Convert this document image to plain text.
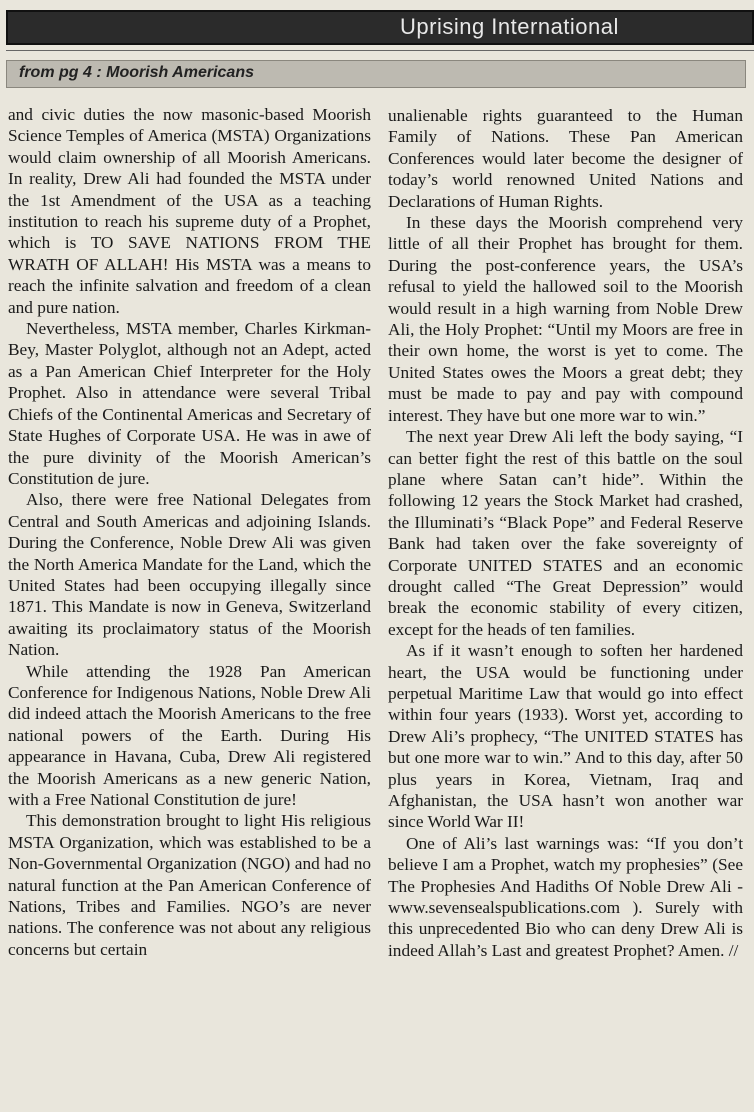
Uprising International
from pg 4 : Moorish Americans

and civic duties the now masonic-based Moorish Science Temples of America (MSTA) Organizations would claim ownership of all Moorish Americans. In reality, Drew Ali had founded the MSTA under the 1st Amendment of the USA as a teaching institution to reach his supreme duty of a Prophet, which is TO SAVE NATIONS FROM THE WRATH OF ALLAH! His MSTA was a means to reach the infinite salvation and freedom of a clean and pure nation.

Nevertheless, MSTA member, Charles Kirkman-Bey, Master Polyglot, although not an Adept, acted as a Pan American Chief Interpreter for the Holy Prophet. Also in attendance were several Tribal Chiefs of the Continental Americas and Secretary of State Hughes of Corporate USA. He was in awe of the pure divinity of the Moorish American’s Constitution de jure.

Also, there were free National Delegates from Central and South Americas and adjoining Islands. During the Conference, Noble Drew Ali was given the North America Mandate for the Land, which the United States had been occupying illegally since 1871. This Mandate is now in Geneva, Switzerland awaiting its proclaimatory status of the Moorish Nation.

While attending the 1928 Pan American Conference for Indigenous Nations, Noble Drew Ali did indeed attach the Moorish Americans to the free national powers of the Earth. During His appearance in Havana, Cuba, Drew Ali registered the Moorish Americans as a new generic Nation, with a Free National Constitution de jure!

This demonstration brought to light His religious MSTA Organization, which was established to be a Non-Governmental Organization (NGO) and had no natural function at the Pan American Conference of Nations, Tribes and Families. NGO’s are never nations. The conference was not about any religious concerns but certain

unalienable rights guaranteed to the Human Family of Nations. These Pan American Conferences would later become the designer of today’s world renowned United Nations and Declarations of Human Rights.

In these days the Moorish comprehend very little of all their Prophet has brought for them. During the post-conference years, the USA’s refusal to yield the hallowed soil to the Moorish would result in a high warning from Noble Drew Ali, the Holy Prophet: “Until my Moors are free in their own home, the worst is yet to come. The United States owes the Moors a great debt; they must be made to pay and pay with compound interest. They have but one more war to win.”

The next year Drew Ali left the body saying, “I can better fight the rest of this battle on the soul plane where Satan can’t hide”. Within the following 12 years the Stock Market had crashed, the Illuminati’s “Black Pope” and Federal Reserve Bank had taken over the fake sovereignty of Corporate UNITED STATES and an economic drought called “The Great Depression” would break the economic stability of every citizen, except for the heads of ten families.

As if it wasn’t enough to soften her hardened heart, the USA would be functioning under perpetual Maritime Law that would go into effect within four years (1933). Worst yet, according to Drew Ali’s prophecy, “The UNITED STATES has but one more war to win.” And to this day, after 50 plus years in Korea, Vietnam, Iraq and Afghanistan, the USA hasn’t won another war since World War II!

One of Ali’s last warnings was: “If you don’t believe I am a Prophet, watch my prophesies” (See The Prophesies And Hadiths Of Noble Drew Ali -www.sevensealspublications.com ). Surely with this unprecedented Bio who can deny Drew Ali is indeed Allah’s Last and greatest Prophet? Amen. //
